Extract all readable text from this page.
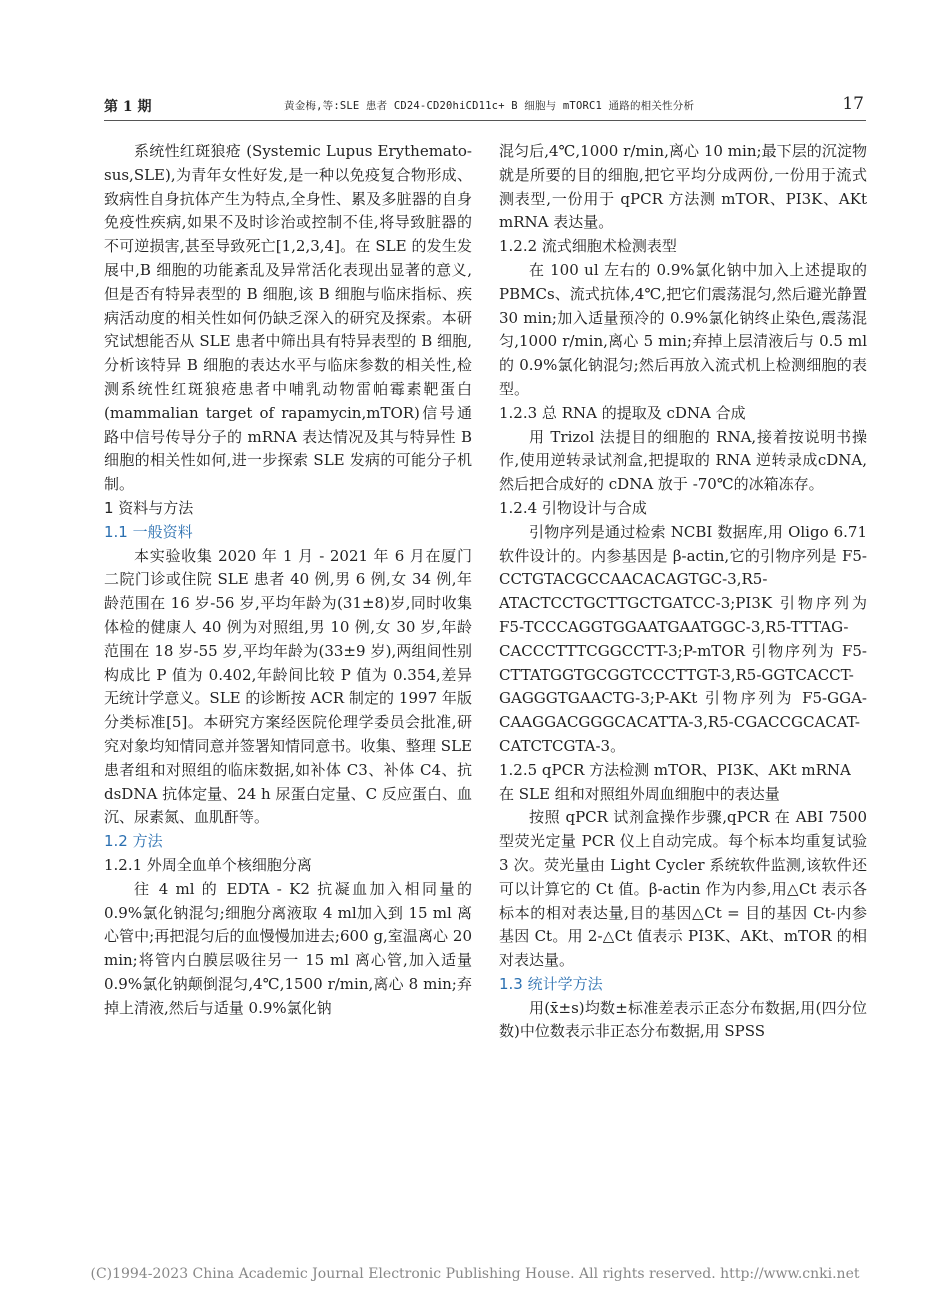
第 1 期	黄金梅,等:SLE 患者 CD24-CD20hiCD11c+ B 细胞与 mTORC1 通路的相关性分析	17

系统性红斑狼疮 (Systemic Lupus Erythemato-sus,SLE),为青年女性好发,是一种以免疫复合物形成、致病性自身抗体产生为特点,全身性、累及多脏器的自身免疫性疾病,如果不及时诊治或控制不佳,将导致脏器的不可逆损害,甚至导致死亡[1,2,3,4]。在 SLE 的发生发展中,B 细胞的功能紊乱及异常活化表现出显著的意义,但是否有特异表型的 B 细胞,该 B 细胞与临床指标、疾病活动度的相关性如何仍缺乏深入的研究及探索。本研究试想能否从 SLE 患者中筛出具有特异表型的 B 细胞,分析该特异 B 细胞的表达水平与临床参数的相关性,检测系统性红斑狼疮患者中哺乳动物雷帕霉素靶蛋白(mammalian target of rapamycin,mTOR)信号通路中信号传导分子的 mRNA 表达情况及其与特异性 B 细胞的相关性如何,进一步探索 SLE 发病的可能分子机制。

1 资料与方法

1.1 一般资料

本实验收集 2020 年 1 月 - 2021 年 6 月在厦门二院门诊或住院 SLE 患者 40 例,男 6 例,女 34 例,年龄范围在 16 岁-56 岁,平均年龄为(31±8)岁,同时收集体检的健康人 40 例为对照组,男 10 例,女 30 岁,年龄范围在 18 岁-55 岁,平均年龄为(33±9 岁),两组间性别构成比 P 值为 0.402,年龄间比较 P 值为 0.354,差异无统计学意义。SLE 的诊断按 ACR 制定的 1997 年版分类标准[5]。本研究方案经医院伦理学委员会批准,研究对象均知情同意并签署知情同意书。收集、整理 SLE 患者组和对照组的临床数据,如补体 C3、补体 C4、抗 dsDNA 抗体定量、24 h 尿蛋白定量、C 反应蛋白、血沉、尿素氮、血肌酐等。

1.2 方法

1.2.1 外周全血单个核细胞分离

往 4 ml 的 EDTA - K2 抗凝血加入相同量的 0.9%氯化钠混匀;细胞分离液取 4 ml加入到 15 ml 离心管中;再把混匀后的血慢慢加进去;600 g,室温离心 20 min;将管内白膜层吸往另一 15 ml 离心管,加入适量 0.9%氯化钠颠倒混匀,4℃,1500 r/min,离心 8 min;弃掉上清液,然后与适量 0.9%氯化钠

混匀后,4℃,1000 r/min,离心 10 min;最下层的沉淀物就是所要的目的细胞,把它平均分成两份,一份用于流式测表型,一份用于 qPCR 方法测 mTOR、PI3K、AKt mRNA 表达量。

1.2.2 流式细胞术检测表型

在 100 ul 左右的 0.9%氯化钠中加入上述提取的 PBMCs、流式抗体,4℃,把它们震荡混匀,然后避光静置 30 min;加入适量预冷的 0.9%氯化钠终止染色,震荡混匀,1000 r/min,离心 5 min;弃掉上层清液后与 0.5 ml 的 0.9%氯化钠混匀;然后再放入流式机上检测细胞的表型。

1.2.3 总 RNA 的提取及 cDNA 合成

用 Trizol 法提目的细胞的 RNA,接着按说明书操作,使用逆转录试剂盒,把提取的 RNA 逆转录成cDNA,然后把合成好的 cDNA 放于 -70℃的冰箱冻存。

1.2.4 引物设计与合成

引物序列是通过检索 NCBI 数据库,用 Oligo 6.71 软件设计的。内参基因是 β-actin,它的引物序列是 F5-CCTGTACGCCAACACAGTGC-3,R5-ATACTCCTGCTTGCTGATCC-3;PI3K 引物序列为 F5-TCCCAGGTGGAATGAATGGC-3,R5-TTTAG-CACCCTTTCGGCCTT-3;P-mTOR 引物序列为 F5-CTTATGGTGCGGTCCCTTGT-3,R5-GGTCACCT-GAGGGTGAACTG-3;P-AKt 引物序列为 F5-GGA-CAAGGACGGGCACATTA-3,R5-CGACCGCACAT-CATCTCGTA-3。

1.2.5 qPCR 方法检测 mTOR、PI3K、AKt mRNA 在 SLE 组和对照组外周血细胞中的表达量

按照 qPCR 试剂盒操作步骤,qPCR 在 ABI 7500 型荧光定量 PCR 仪上自动完成。每个标本均重复试验 3 次。荧光量由 Light Cycler 系统软件监测,该软件还可以计算它的 Ct 值。β-actin 作为内参,用△Ct 表示各标本的相对表达量,目的基因△Ct = 目的基因 Ct-内参基因 Ct。用 2-△Ct 值表示 PI3K、AKt、mTOR 的相对表达量。

1.3 统计学方法

用(x̄±s)均数±标准差表示正态分布数据,用(四分位数)中位数表示非正态分布数据,用 SPSS

(C)1994-2023 China Academic Journal Electronic Publishing House. All rights reserved. http://www.cnki.net
